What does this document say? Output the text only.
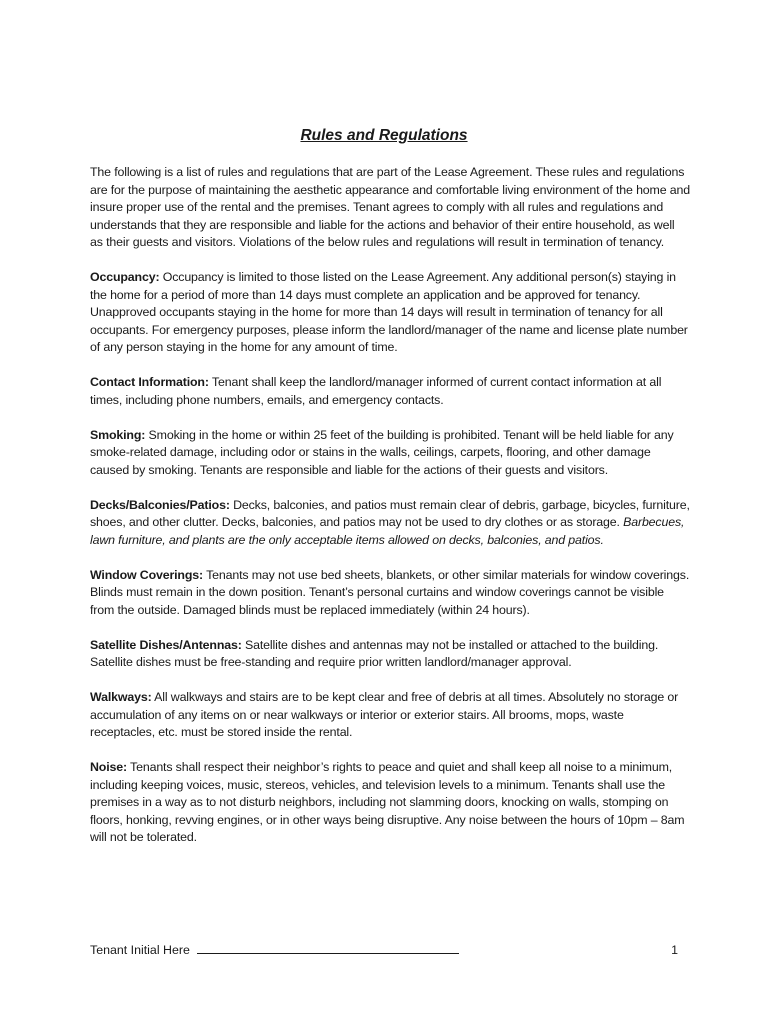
Rules and Regulations

The following is a list of rules and regulations that are part of the Lease Agreement. These rules and regulations are for the purpose of maintaining the aesthetic appearance and comfortable living environment of the home and insure proper use of the rental and the premises. Tenant agrees to comply with all rules and regulations and understands that they are responsible and liable for the actions and behavior of their entire household, as well as their guests and visitors. Violations of the below rules and regulations will result in termination of tenancy.

Occupancy: Occupancy is limited to those listed on the Lease Agreement. Any additional person(s) staying in the home for a period of more than 14 days must complete an application and be approved for tenancy. Unapproved occupants staying in the home for more than 14 days will result in termination of tenancy for all occupants. For emergency purposes, please inform the landlord/manager of the name and license plate number of any person staying in the home for any amount of time.

Contact Information: Tenant shall keep the landlord/manager informed of current contact information at all times, including phone numbers, emails, and emergency contacts.

Smoking: Smoking in the home or within 25 feet of the building is prohibited. Tenant will be held liable for any smoke-related damage, including odor or stains in the walls, ceilings, carpets, flooring, and other damage caused by smoking. Tenants are responsible and liable for the actions of their guests and visitors.

Decks/Balconies/Patios: Decks, balconies, and patios must remain clear of debris, garbage, bicycles, furniture, shoes, and other clutter. Decks, balconies, and patios may not be used to dry clothes or as storage. Barbecues, lawn furniture, and plants are the only acceptable items allowed on decks, balconies, and patios.

Window Coverings: Tenants may not use bed sheets, blankets, or other similar materials for window coverings. Blinds must remain in the down position. Tenant’s personal curtains and window coverings cannot be visible from the outside. Damaged blinds must be replaced immediately (within 24 hours).

Satellite Dishes/Antennas: Satellite dishes and antennas may not be installed or attached to the building. Satellite dishes must be free-standing and require prior written landlord/manager approval.

Walkways: All walkways and stairs are to be kept clear and free of debris at all times. Absolutely no storage or accumulation of any items on or near walkways or interior or exterior stairs. All brooms, mops, waste receptacles, etc. must be stored inside the rental.

Noise: Tenants shall respect their neighbor’s rights to peace and quiet and shall keep all noise to a minimum, including keeping voices, music, stereos, vehicles, and television levels to a minimum. Tenants shall use the premises in a way as to not disturb neighbors, including not slamming doors, knocking on walls, stomping on floors, honking, revving engines, or in other ways being disruptive. Any noise between the hours of 10pm – 8am will not be tolerated.

Tenant Initial Here	1
